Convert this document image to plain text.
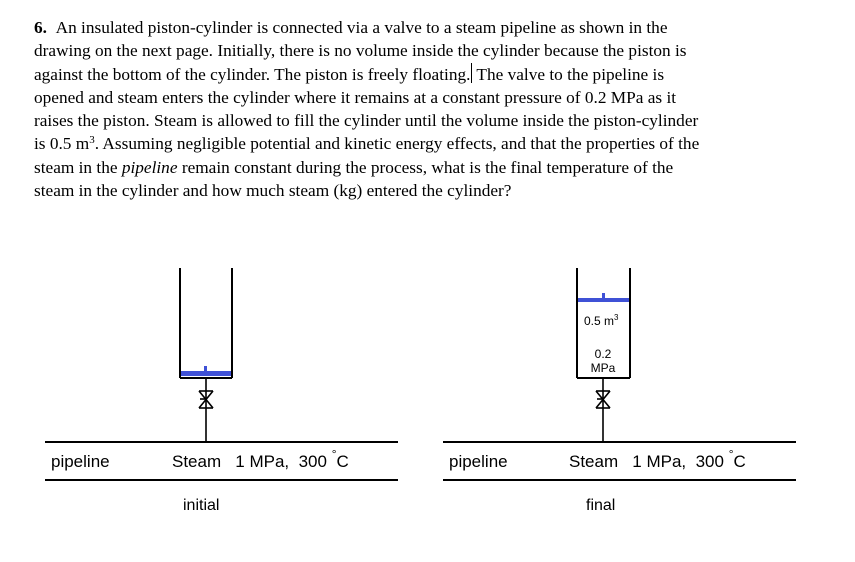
6. An insulated piston-cylinder is connected via a valve to a steam pipeline as shown in the
drawing on the next page. Initially, there is no volume inside the cylinder because the piston is
against the bottom of the cylinder. The piston is freely floating. The valve to the pipeline is
opened and steam enters the cylinder where it remains at a constant pressure of 0.2 MPa as it
raises the piston. Steam is allowed to fill the cylinder until the volume inside the piston-cylinder
is 0.5 $m^3$. Assuming negligible potential and kinetic energy effects, and that the properties of the
steam in the pipeline remain constant during the process, what is the final temperature of the
steam in the cylinder and how much steam (kg) entered the cylinder?
pipeline	Steam   1 MPa,  300 °C
initial
0.5 $m^3$
0.2
MPa
pipeline	Steam   1 MPa,  300 °C
final
